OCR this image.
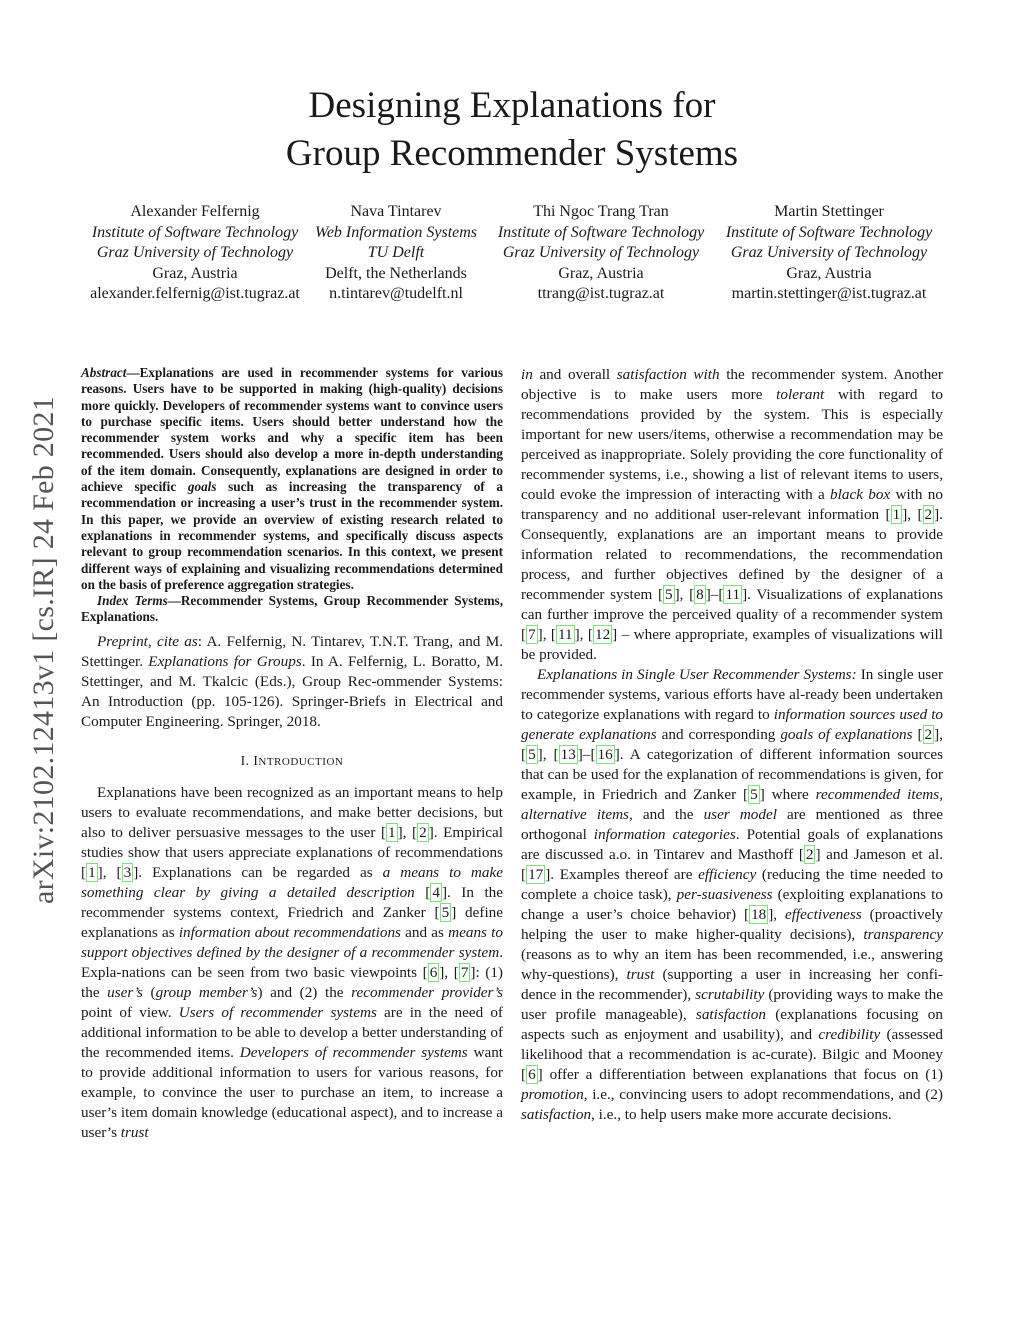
Designing Explanations for
Group Recommender Systems
Alexander Felfernig
Institute of Software Technology
Graz University of Technology
Graz, Austria
alexander.felfernig@ist.tugraz.at
Nava Tintarev
Web Information Systems
TU Delft
Delft, the Netherlands
n.tintarev@tudelft.nl
Thi Ngoc Trang Tran
Institute of Software Technology
Graz University of Technology
Graz, Austria
ttrang@ist.tugraz.at
Martin Stettinger
Institute of Software Technology
Graz University of Technology
Graz, Austria
martin.stettinger@ist.tugraz.at
arXiv:2102.12413v1 [cs.IR] 24 Feb 2021

Abstract—Explanations are used in recommender systems for various reasons. Users have to be supported in making (high-quality) decisions more quickly. Developers of recommender systems want to convince users to purchase specific items. Users should better understand how the recommender system works and why a specific item has been recommended. Users should also develop a more in-depth understanding of the item domain. Consequently, explanations are designed in order to achieve specific goals such as increasing the transparency of a recommendation or increasing a user’s trust in the recommender system. In this paper, we provide an overview of existing research related to explanations in recommender systems, and specifically discuss aspects relevant to group recommendation scenarios. In this context, we present different ways of explaining and visualizing recommendations determined on the basis of preference aggregation strategies.

Index Terms—Recommender Systems, Group Recommender Systems, Explanations.

Preprint, cite as: A. Felfernig, N. Tintarev, T.N.T. Trang, and M. Stettinger. Explanations for Groups. In A. Felfernig, L. Boratto, M. Stettinger, and M. Tkalcic (Eds.), Group Rec-ommender Systems: An Introduction (pp. 105-126). Springer-Briefs in Electrical and Computer Engineering. Springer, 2018.

I. INTRODUCTION

Explanations have been recognized as an important means to help users to evaluate recommendations, and make better decisions, but also to deliver persuasive messages to the user [ 1 ], [ 2 ]. Empirical studies show that users appreciate explanations of recommendations [ 1 ], [ 3 ]. Explanations can be regarded as a means to make something clear by giving a detailed description [ 4 ]. In the recommender systems context, Friedrich and Zanker [ 5 ] define explanations as information about recommendations and as means to support objectives defined by the designer of a recommender system. Expla-nations can be seen from two basic viewpoints [ 6 ], [ 7 ]: (1) the user’s (group member’s) and (2) the recommender provider’s point of view. Users of recommender systems are in the need of additional information to be able to develop a better understanding of the recommended items. Developers of recommender systems want to provide additional information to users for various reasons, for example, to convince the user to purchase an item, to increase a user’s item domain knowledge (educational aspect), and to increase a user’s trust

in and overall satisfaction with the recommender system. Another objective is to make users more tolerant with regard to recommendations provided by the system. This is especially important for new users/items, otherwise a recommendation may be perceived as inappropriate. Solely providing the core functionality of recommender systems, i.e., showing a list of relevant items to users, could evoke the impression of interacting with a black box with no transparency and no additional user-relevant information [ 1 ], [ 2 ]. Consequently, explanations are an important means to provide information related to recommendations, the recommendation process, and further objectives defined by the designer of a recommender system [ 5 ], [ 8 ]–[ 11 ]. Visualizations of explanations can further improve the perceived quality of a recommender system [ 7 ], [ 11 ], [ 12 ] – where appropriate, examples of visualizations will be provided.

Explanations in Single User Recommender Systems: In single user recommender systems, various efforts have al-ready been undertaken to categorize explanations with regard to information sources used to generate explanations and corresponding goals of explanations [ 2 ], [ 5 ], [ 13 ]–[ 16 ]. A categorization of different information sources that can be used for the explanation of recommendations is given, for example, in Friedrich and Zanker [ 5 ] where recommended items, alternative items, and the user model are mentioned as three orthogonal information categories. Potential goals of explanations are discussed a.o. in Tintarev and Masthoff [ 2 ] and Jameson et al. [ 17 ]. Examples thereof are efficiency (reducing the time needed to complete a choice task), per-suasiveness (exploiting explanations to change a user’s choice behavior) [ 18 ], effectiveness (proactively helping the user to make higher-quality decisions), transparency (reasons as to why an item has been recommended, i.e., answering why-questions), trust (supporting a user in increasing her confi-dence in the recommender), scrutability (providing ways to make the user profile manageable), satisfaction (explanations focusing on aspects such as enjoyment and usability), and credibility (assessed likelihood that a recommendation is ac-curate). Bilgic and Mooney [ 6 ] offer a differentiation between explanations that focus on (1) promotion, i.e., convincing users to adopt recommendations, and (2) satisfaction, i.e., to help users make more accurate decisions.
